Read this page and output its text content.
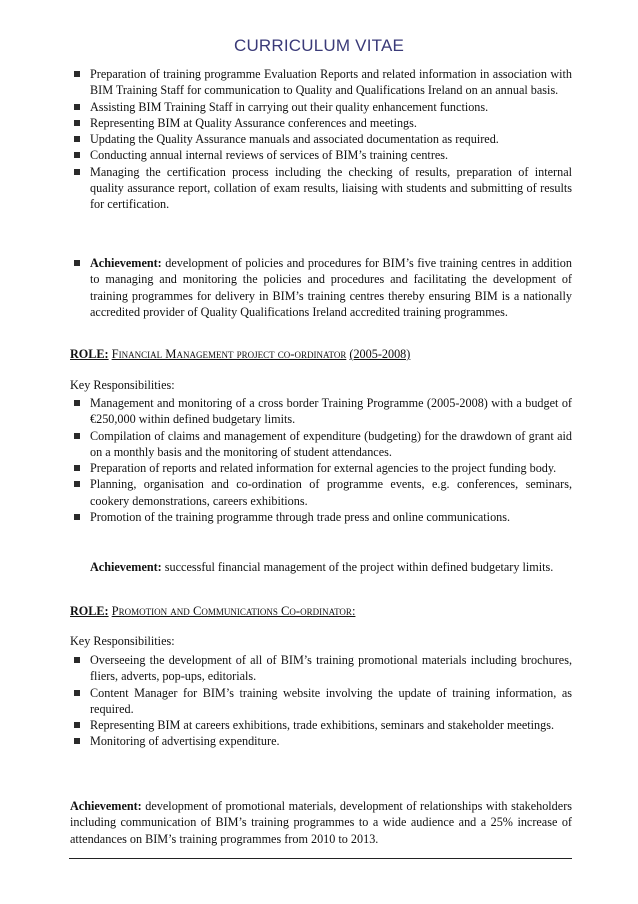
CURRICULUM VITAE
Preparation of training programme Evaluation Reports and related information in association with BIM Training Staff for communication to Quality and Qualifications Ireland on an annual basis.
Assisting BIM Training Staff in carrying out their quality enhancement functions.
Representing BIM at Quality Assurance conferences and meetings.
Updating the Quality Assurance manuals and associated documentation as required.
Conducting annual internal reviews of services of BIM’s training centres.
Managing the certification process including the checking of results, preparation of internal quality assurance report, collation of exam results, liaising with students and submitting of results for certification.
Achievement: development of policies and procedures for BIM’s five training centres in addition to managing and monitoring the policies and procedures and facilitating the development of training programmes for delivery in BIM’s training centres thereby ensuring BIM is a nationally accredited provider of Quality Qualifications Ireland accredited training programmes.
ROLE: Financial Management project co-ordinator (2005-2008)
Key Responsibilities:
Management and monitoring of a cross border Training Programme (2005-2008) with a budget of €250,000 within defined budgetary limits.
Compilation of claims and management of expenditure (budgeting) for the drawdown of grant aid on a monthly basis and the monitoring of student attendances.
Preparation of reports and related information for external agencies to the project funding body.
Planning, organisation and co-ordination of programme events, e.g. conferences, seminars, cookery demonstrations, careers exhibitions.
Promotion of the training programme through trade press and online communications.
Achievement: successful financial management of the project within defined budgetary limits.
ROLE: Promotion and Communications Co-ordinator:
Key Responsibilities:
Overseeing the development of all of BIM’s training promotional materials including brochures, fliers, adverts, pop-ups, editorials.
Content Manager for BIM’s training website involving the update of training information, as required.
Representing BIM at careers exhibitions, trade exhibitions, seminars and stakeholder meetings.
Monitoring of advertising expenditure.
Achievement: development of promotional materials, development of relationships with stakeholders including communication of BIM’s training programmes to a wide audience and a 25% increase of attendances on BIM’s training programmes from 2010 to 2013.
